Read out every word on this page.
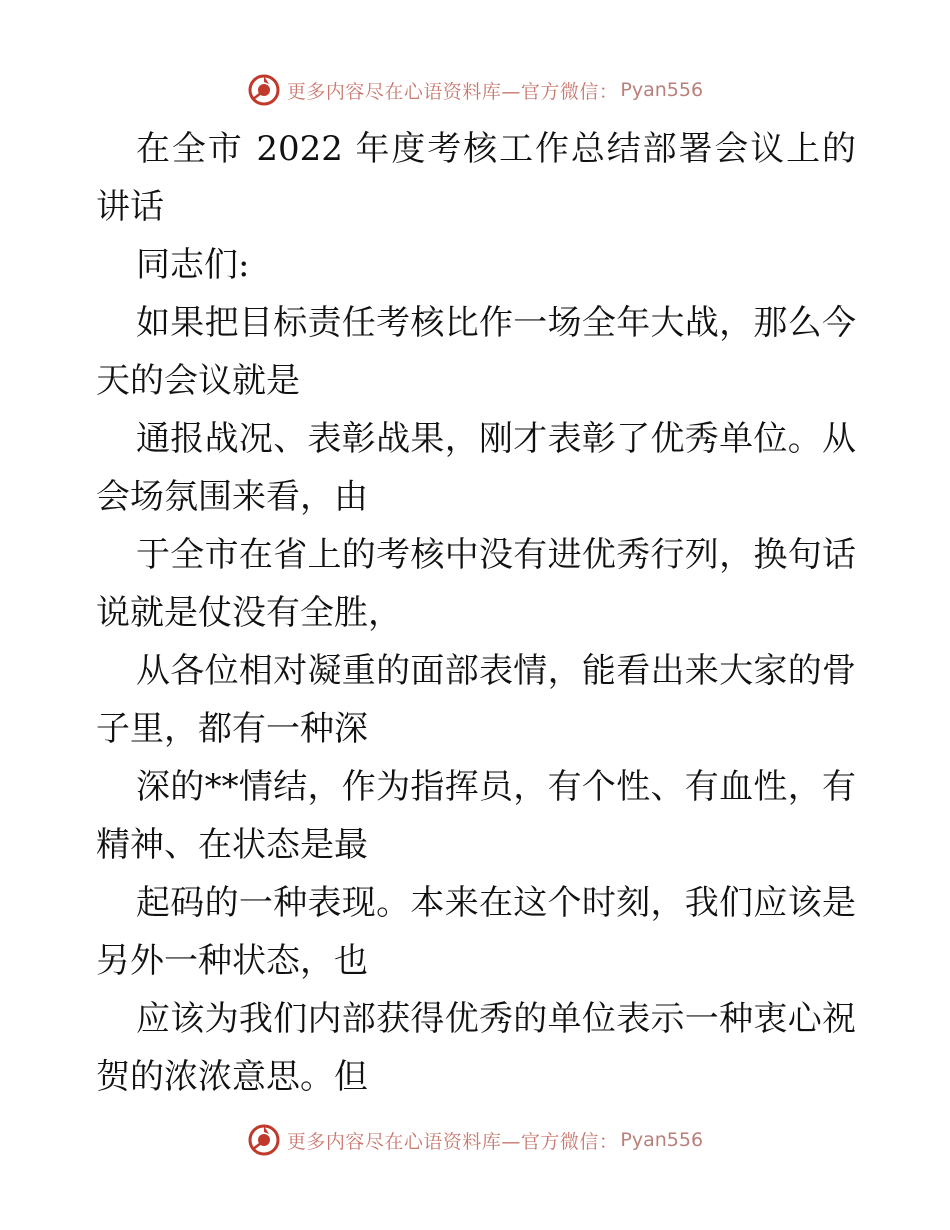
更多内容尽在心语资料库—官方微信： Pyan556

在全市 2022 年度考核工作总结部署会议上的讲话

同志们:

如果把目标责任考核比作一场全年大战，那么今天的会议就是

通报战况、表彰战果，刚才表彰了优秀单位。从会场氛围来看，由

于全市在省上的考核中没有进优秀行列，换句话说就是仗没有全胜，

从各位相对凝重的面部表情，能看出来大家的骨子里，都有一种深

深的**情结，作为指挥员，有个性、有血性，有精神、在状态是最

起码的一种表现。本来在这个时刻，我们应该是另外一种状态，也

应该为我们内部获得优秀的单位表示一种衷心祝贺的浓浓意思。但

更多内容尽在心语资料库—官方微信： Pyan556
